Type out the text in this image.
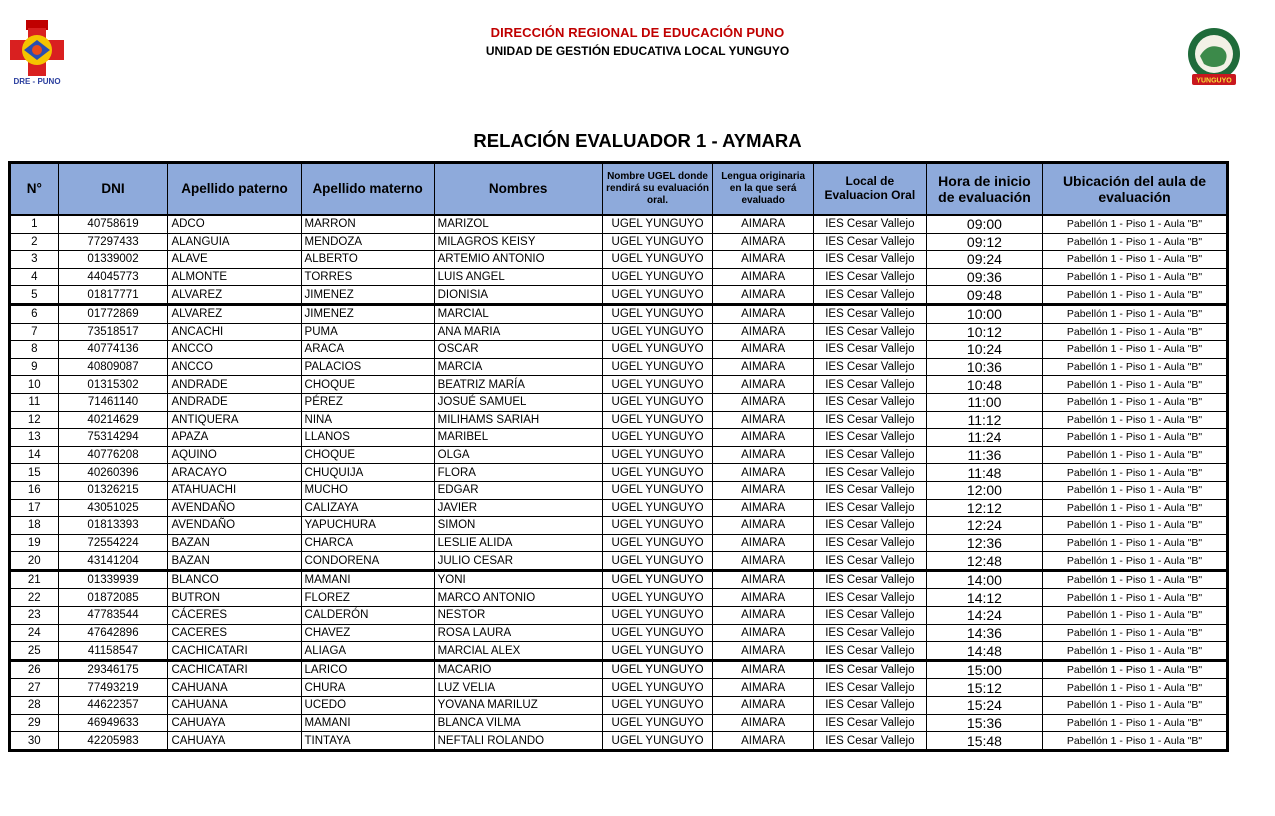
DRE - PUNO
DIRECCIÓN REGIONAL DE EDUCACIÓN PUNO
UNIDAD DE GESTIÓN EDUCATIVA LOCAL YUNGUYO
YUNGUYO
RELACIÓN EVALUADOR 1 - AYMARA
N°	DNI	Apellido paterno	Apellido materno	Nombres	Nombre UGEL donde rendirá su evaluación oral.	Lengua originaria en la que será evaluado	Local de Evaluacion Oral	Hora de inicio de evaluación	Ubicación del aula de evaluación
1	40758619	ADCO	MARRON	MARIZOL	UGEL YUNGUYO	AIMARA	IES Cesar Vallejo	09:00	Pabellón 1 - Piso 1 - Aula "B"
2	77297433	ALANGUIA	MENDOZA	MILAGROS KEISY	UGEL YUNGUYO	AIMARA	IES Cesar Vallejo	09:12	Pabellón 1 - Piso 1 - Aula "B"
3	01339002	ALAVE	ALBERTO	ARTEMIO ANTONIO	UGEL YUNGUYO	AIMARA	IES Cesar Vallejo	09:24	Pabellón 1 - Piso 1 - Aula "B"
4	44045773	ALMONTE	TORRES	LUIS ANGEL	UGEL YUNGUYO	AIMARA	IES Cesar Vallejo	09:36	Pabellón 1 - Piso 1 - Aula "B"
5	01817771	ALVAREZ	JIMENEZ	DIONISIA	UGEL YUNGUYO	AIMARA	IES Cesar Vallejo	09:48	Pabellón 1 - Piso 1 - Aula "B"
6	01772869	ALVAREZ	JIMENEZ	MARCIAL	UGEL YUNGUYO	AIMARA	IES Cesar Vallejo	10:00	Pabellón 1 - Piso 1 - Aula "B"
7	73518517	ANCACHI	PUMA	ANA MARIA	UGEL YUNGUYO	AIMARA	IES Cesar Vallejo	10:12	Pabellón 1 - Piso 1 - Aula "B"
8	40774136	ANCCO	ARACA	OSCAR	UGEL YUNGUYO	AIMARA	IES Cesar Vallejo	10:24	Pabellón 1 - Piso 1 - Aula "B"
9	40809087	ANCCO	PALACIOS	MARCIA	UGEL YUNGUYO	AIMARA	IES Cesar Vallejo	10:36	Pabellón 1 - Piso 1 - Aula "B"
10	01315302	ANDRADE	CHOQUE	BEATRIZ MARÍA	UGEL YUNGUYO	AIMARA	IES Cesar Vallejo	10:48	Pabellón 1 - Piso 1 - Aula "B"
11	71461140	ANDRADE	PÉREZ	JOSUÉ SAMUEL	UGEL YUNGUYO	AIMARA	IES Cesar Vallejo	11:00	Pabellón 1 - Piso 1 - Aula "B"
12	40214629	ANTIQUERA	NINA	MILIHAMS SARIAH	UGEL YUNGUYO	AIMARA	IES Cesar Vallejo	11:12	Pabellón 1 - Piso 1 - Aula "B"
13	75314294	APAZA	LLANOS	MARIBEL	UGEL YUNGUYO	AIMARA	IES Cesar Vallejo	11:24	Pabellón 1 - Piso 1 - Aula "B"
14	40776208	AQUINO	CHOQUE	OLGA	UGEL YUNGUYO	AIMARA	IES Cesar Vallejo	11:36	Pabellón 1 - Piso 1 - Aula "B"
15	40260396	ARACAYO	CHUQUIJA	FLORA	UGEL YUNGUYO	AIMARA	IES Cesar Vallejo	11:48	Pabellón 1 - Piso 1 - Aula "B"
16	01326215	ATAHUACHI	MUCHO	EDGAR	UGEL YUNGUYO	AIMARA	IES Cesar Vallejo	12:00	Pabellón 1 - Piso 1 - Aula "B"
17	43051025	AVENDAÑO	CALIZAYA	JAVIER	UGEL YUNGUYO	AIMARA	IES Cesar Vallejo	12:12	Pabellón 1 - Piso 1 - Aula "B"
18	01813393	AVENDAÑO	YAPUCHURA	SIMON	UGEL YUNGUYO	AIMARA	IES Cesar Vallejo	12:24	Pabellón 1 - Piso 1 - Aula "B"
19	72554224	BAZAN	CHARCA	LESLIE ALIDA	UGEL YUNGUYO	AIMARA	IES Cesar Vallejo	12:36	Pabellón 1 - Piso 1 - Aula "B"
20	43141204	BAZAN	CONDORENA	JULIO CESAR	UGEL YUNGUYO	AIMARA	IES Cesar Vallejo	12:48	Pabellón 1 - Piso 1 - Aula "B"
21	01339939	BLANCO	MAMANI	YONI	UGEL YUNGUYO	AIMARA	IES Cesar Vallejo	14:00	Pabellón 1 - Piso 1 - Aula "B"
22	01872085	BUTRON	FLOREZ	MARCO ANTONIO	UGEL YUNGUYO	AIMARA	IES Cesar Vallejo	14:12	Pabellón 1 - Piso 1 - Aula "B"
23	47783544	CÁCERES	CALDERÓN	NESTOR	UGEL YUNGUYO	AIMARA	IES Cesar Vallejo	14:24	Pabellón 1 - Piso 1 - Aula "B"
24	47642896	CACERES	CHAVEZ	ROSA LAURA	UGEL YUNGUYO	AIMARA	IES Cesar Vallejo	14:36	Pabellón 1 - Piso 1 - Aula "B"
25	41158547	CACHICATARI	ALIAGA	MARCIAL ALEX	UGEL YUNGUYO	AIMARA	IES Cesar Vallejo	14:48	Pabellón 1 - Piso 1 - Aula "B"
26	29346175	CACHICATARI	LARICO	MACARIO	UGEL YUNGUYO	AIMARA	IES Cesar Vallejo	15:00	Pabellón 1 - Piso 1 - Aula "B"
27	77493219	CAHUANA	CHURA	LUZ VELIA	UGEL YUNGUYO	AIMARA	IES Cesar Vallejo	15:12	Pabellón 1 - Piso 1 - Aula "B"
28	44622357	CAHUANA	UCEDO	YOVANA MARILUZ	UGEL YUNGUYO	AIMARA	IES Cesar Vallejo	15:24	Pabellón 1 - Piso 1 - Aula "B"
29	46949633	CAHUAYA	MAMANI	BLANCA VILMA	UGEL YUNGUYO	AIMARA	IES Cesar Vallejo	15:36	Pabellón 1 - Piso 1 - Aula "B"
30	42205983	CAHUAYA	TINTAYA	NEFTALI ROLANDO	UGEL YUNGUYO	AIMARA	IES Cesar Vallejo	15:48	Pabellón 1 - Piso 1 - Aula "B"
